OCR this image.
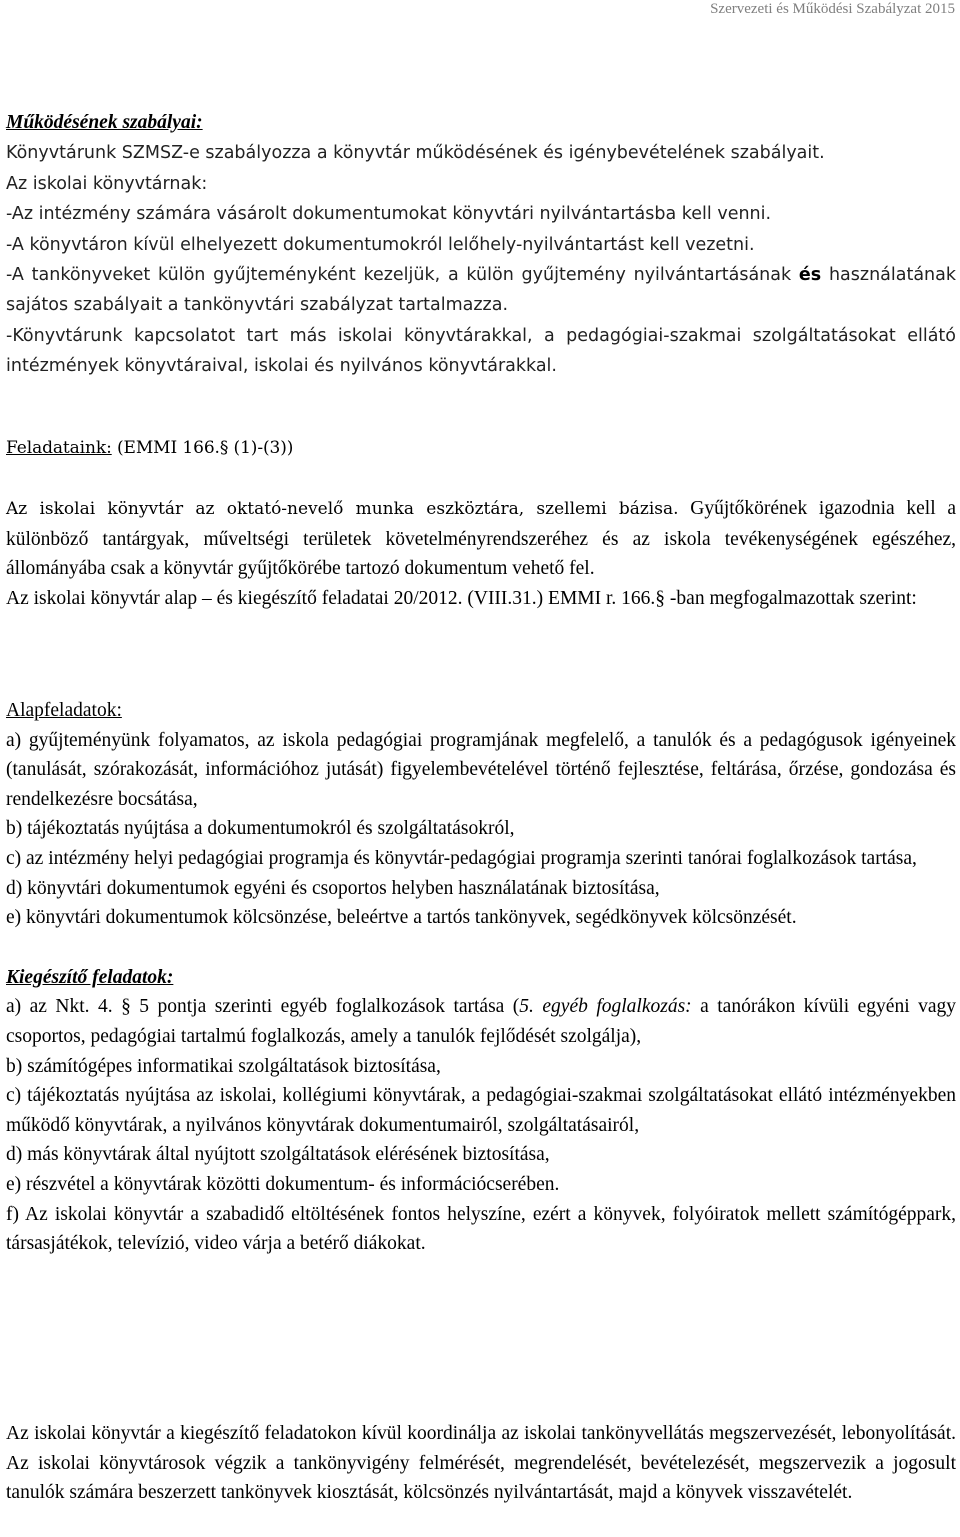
Szervezeti és Működési Szabályzat 2015

Működésének szabályai:

Könyvtárunk SZMSZ-e szabályozza a könyvtár működésének és igénybevételének szabályait.

Az iskolai könyvtárnak:

-Az intézmény számára vásárolt dokumentumokat könyvtári nyilvántartásba kell venni.

-A könyvtáron kívül elhelyezett dokumentumokról lelőhely-nyilvántartást kell vezetni.

-A tankönyveket külön gyűjteményként kezeljük, a külön gyűjtemény nyilvántartásának és használatának sajátos szabályait a tankönyvtári szabályzat tartalmazza.

-Könyvtárunk kapcsolatot tart más iskolai könyvtárakkal, a pedagógiai-szakmai szolgáltatásokat ellátó intézmények könyvtáraival, iskolai és nyilvános könyvtárakkal.

Feladataink: (EMMI 166.§ (1)-(3))

Az iskolai könyvtár az oktató-nevelő munka eszköztára, szellemi bázisa. Gyűjtőkörének igazodnia kell a különböző tantárgyak, műveltségi területek követelményrendszeréhez és az iskola tevékenységének egészéhez, állományába csak a könyvtár gyűjtőkörébe tartozó dokumentum vehető fel.

Az iskolai könyvtár alap – és kiegészítő feladatai 20/2012. (VIII.31.) EMMI r. 166.§ -ban megfogalmazottak szerint:

Alapfeladatok:

a) gyűjteményünk folyamatos, az iskola pedagógiai programjának megfelelő, a tanulók és a pedagógusok igényeinek (tanulását, szórakozását, információhoz jutását) figyelembevételével történő fejlesztése, feltárása, őrzése, gondozása és rendelkezésre bocsátása,

b) tájékoztatás nyújtása a dokumentumokról és szolgáltatásokról,

c) az intézmény helyi pedagógiai programja és könyvtár-pedagógiai programja szerinti tanórai foglalkozások tartása,

d) könyvtári dokumentumok egyéni és csoportos helyben használatának biztosítása,

e) könyvtári dokumentumok kölcsönzése, beleértve a tartós tankönyvek, segédkönyvek kölcsönzését.

Kiegészítő feladatok:

a) az Nkt. 4. § 5 pontja szerinti egyéb foglalkozások tartása (5. egyéb foglalkozás: a tanórákon kívüli egyéni vagy csoportos, pedagógiai tartalmú foglalkozás, amely a tanulók fejlődését szolgálja),

b) számítógépes informatikai szolgáltatások biztosítása,

c) tájékoztatás nyújtása az iskolai, kollégiumi könyvtárak, a pedagógiai-szakmai szolgáltatásokat ellátó intézményekben működő könyvtárak, a nyilvános könyvtárak dokumentumairól, szolgáltatásairól,

d) más könyvtárak által nyújtott szolgáltatások elérésének biztosítása,

e) részvétel a könyvtárak közötti dokumentum- és információcserében.

f) Az iskolai könyvtár a szabadidő eltöltésének fontos helyszíne, ezért a könyvek, folyóiratok mellett számítógéppark, társasjátékok, televízió, video várja a betérő diákokat.

Az iskolai könyvtár a kiegészítő feladatokon kívül koordinálja az iskolai tankönyvellátás megszervezését, lebonyolítását. Az iskolai könyvtárosok végzik a tankönyvigény felmérését, megrendelését, bevételezését, megszervezik a jogosult tanulók számára beszerzett tankönyvek kiosztását, kölcsönzés nyilvántartását, majd a könyvek visszavételét.
